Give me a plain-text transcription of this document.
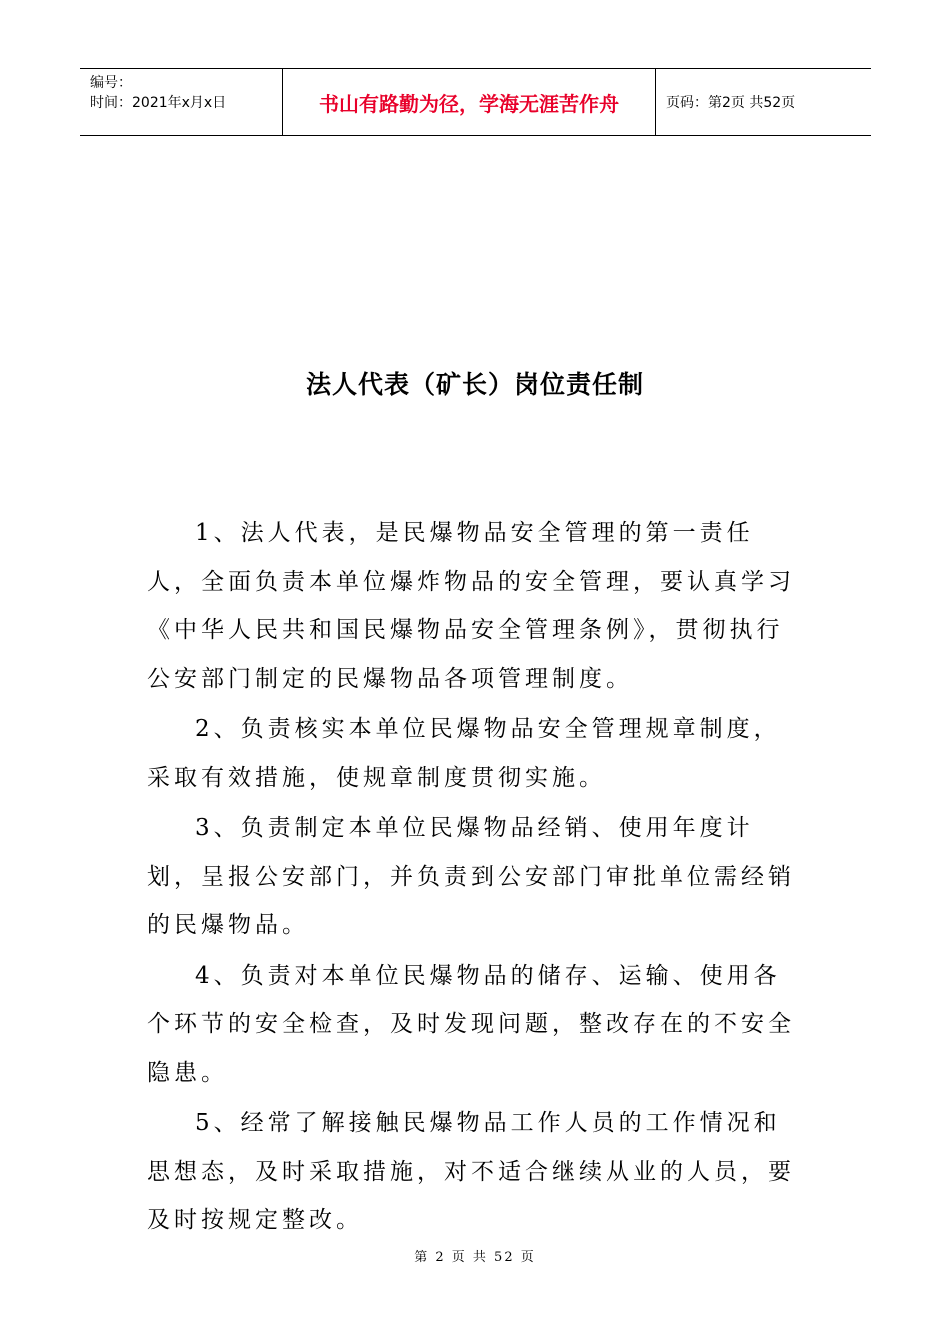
编号：
时间：2021年x月x日	书山有路勤为径，学海无涯苦作舟	页码：第2页 共52页
法人代表（矿长）岗位责任制

1、法人代表，是民爆物品安全管理的第一责任人，全面负责本单位爆炸物品的安全管理，要认真学习《中华人民共和国民爆物品安全管理条例》，贯彻执行公安部门制定的民爆物品各项管理制度。

2、负责核实本单位民爆物品安全管理规章制度，采取有效措施，使规章制度贯彻实施。

3、负责制定本单位民爆物品经销、使用年度计划，呈报公安部门，并负责到公安部门审批单位需经销的民爆物品。

4、负责对本单位民爆物品的储存、运输、使用各个环节的安全检查，及时发现问题，整改存在的不安全隐患。

5、经常了解接触民爆物品工作人员的工作情况和思想态，及时采取措施，对不适合继续从业的人员，要及时按规定整改。

第 2 页 共 52 页
